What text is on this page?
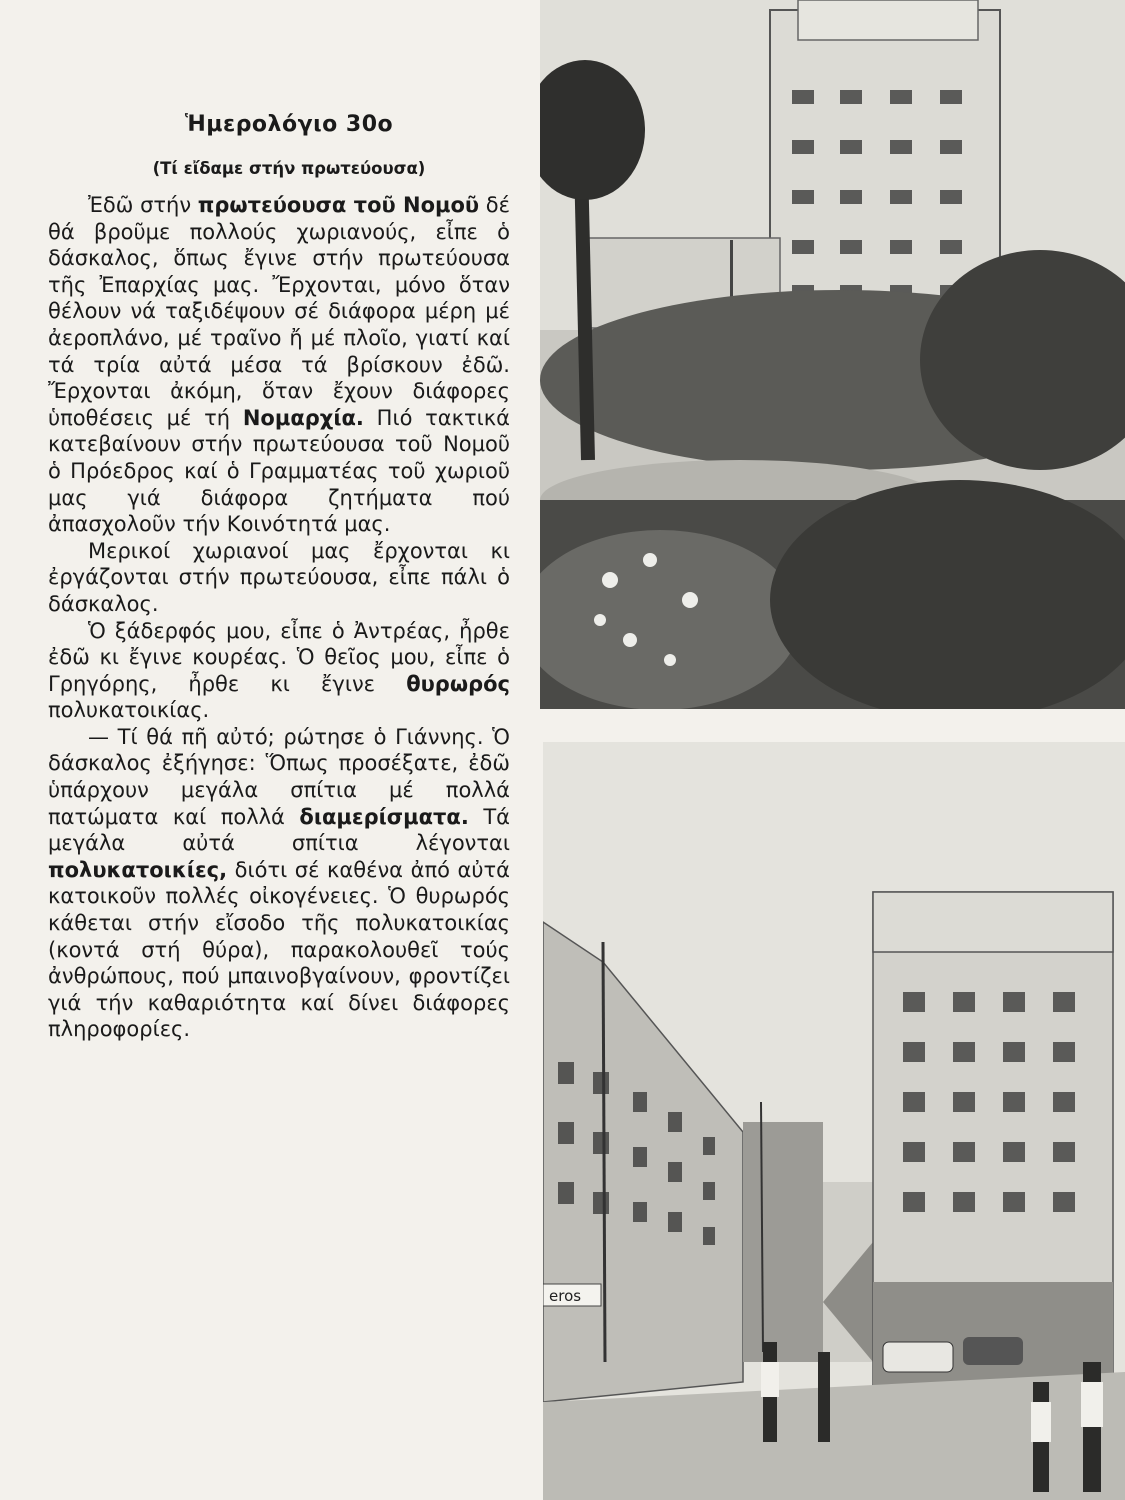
Ἡμερολόγιο 30ο
(Τί εἴδαμε στήν πρωτεύουσα)

Ἐδῶ στήν πρωτεύουσα τοῦ Νομοῦ δέ θά βροῦμε πολλούς χωριανούς, εἶπε ὁ δάσκαλος, ὅπως ἔγινε στήν πρωτεύουσα τῆς Ἐπαρχίας μας. Ἔρχονται, μόνο ὅταν θέλουν νά ταξιδέψουν σέ διάφορα μέρη μέ ἀεροπλάνο, μέ τραῖνο ἤ μέ πλοῖο, γιατί καί τά τρία αὐτά μέσα τά βρίσκουν ἐδῶ. Ἔρχονται ἀκόμη, ὅταν ἔχουν διάφορες ὑποθέσεις μέ τή Νομαρχία. Πιό τακτικά κατεβαίνουν στήν πρωτεύουσα τοῦ Νομοῦ ὁ Πρόεδρος καί ὁ Γραμματέας τοῦ χωριοῦ μας γιά διάφορα ζητήματα πού ἀπασχολοῦν τήν Κοινότητά μας.

Μερικοί χωριανοί μας ἔρχονται κι ἐργάζονται στήν πρωτεύουσα, εἶπε πάλι ὁ δάσκαλος.

Ὁ ξάδερφός μου, εἶπε ὁ Ἀντρέας, ἦρθε ἐδῶ κι ἔγινε κουρέας. Ὁ θεῖος μου, εἶπε ὁ Γρηγόρης, ἦρθε κι ἔγινε θυρωρός πολυκατοικίας.

— Τί θά πῆ αὐτό; ρώτησε ὁ Γιάννης. Ὁ δάσκαλος ἐξήγησε: Ὅπως προσέξατε, ἐδῶ ὑπάρχουν μεγάλα σπίτια μέ πολλά πατώματα καί πολλά διαμερίσματα. Τά μεγάλα αὐτά σπίτια λέγονται πολυκατοικίες, διότι σέ καθένα ἀπό αὐτά κατοικοῦν πολλές οἰκογένειες. Ὁ θυρωρός κάθεται στήν εἴσοδο τῆς πολυκατοικίας (κοντά στή θύρα), παρακολουθεῖ τούς ἀνθρώπους, πού μπαινοβγαίνουν, φροντίζει γιά τήν καθαριότητα καί δίνει διάφορες πληροφορίες.

eros
